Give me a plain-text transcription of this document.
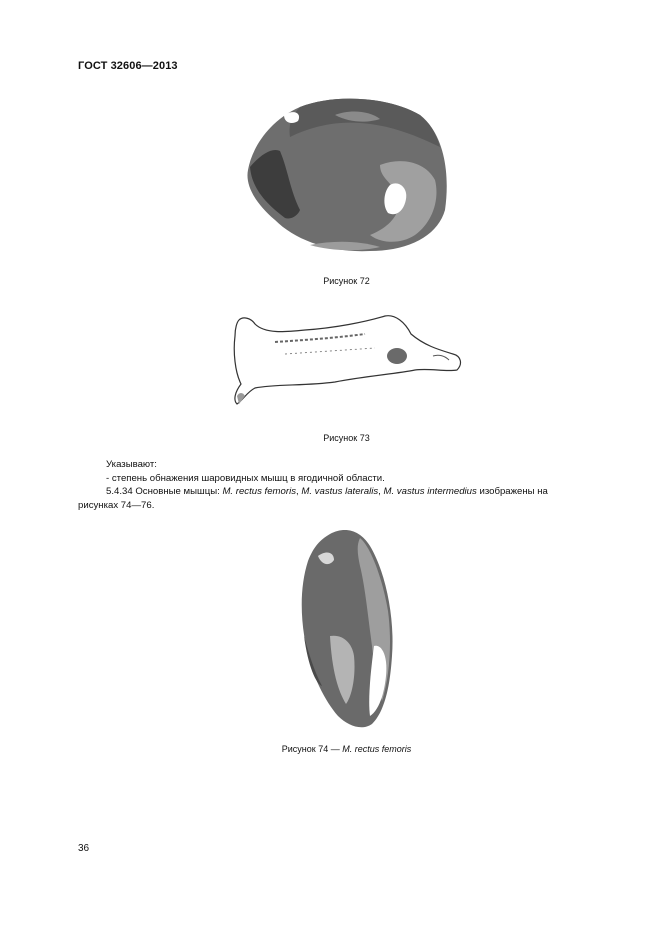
ГОСТ 32606—2013
Рисунок 72
Рисунок 73
Указывают:
- степень обнажения шаровидных мышц в ягодичной области.
5.4.34 Основные мышцы: M. rectus femoris, M. vastus lateralis, M. vastus intermedius изображены на
рисунках 74—76.
Рисунок 74 — M. rectus femoris
36
